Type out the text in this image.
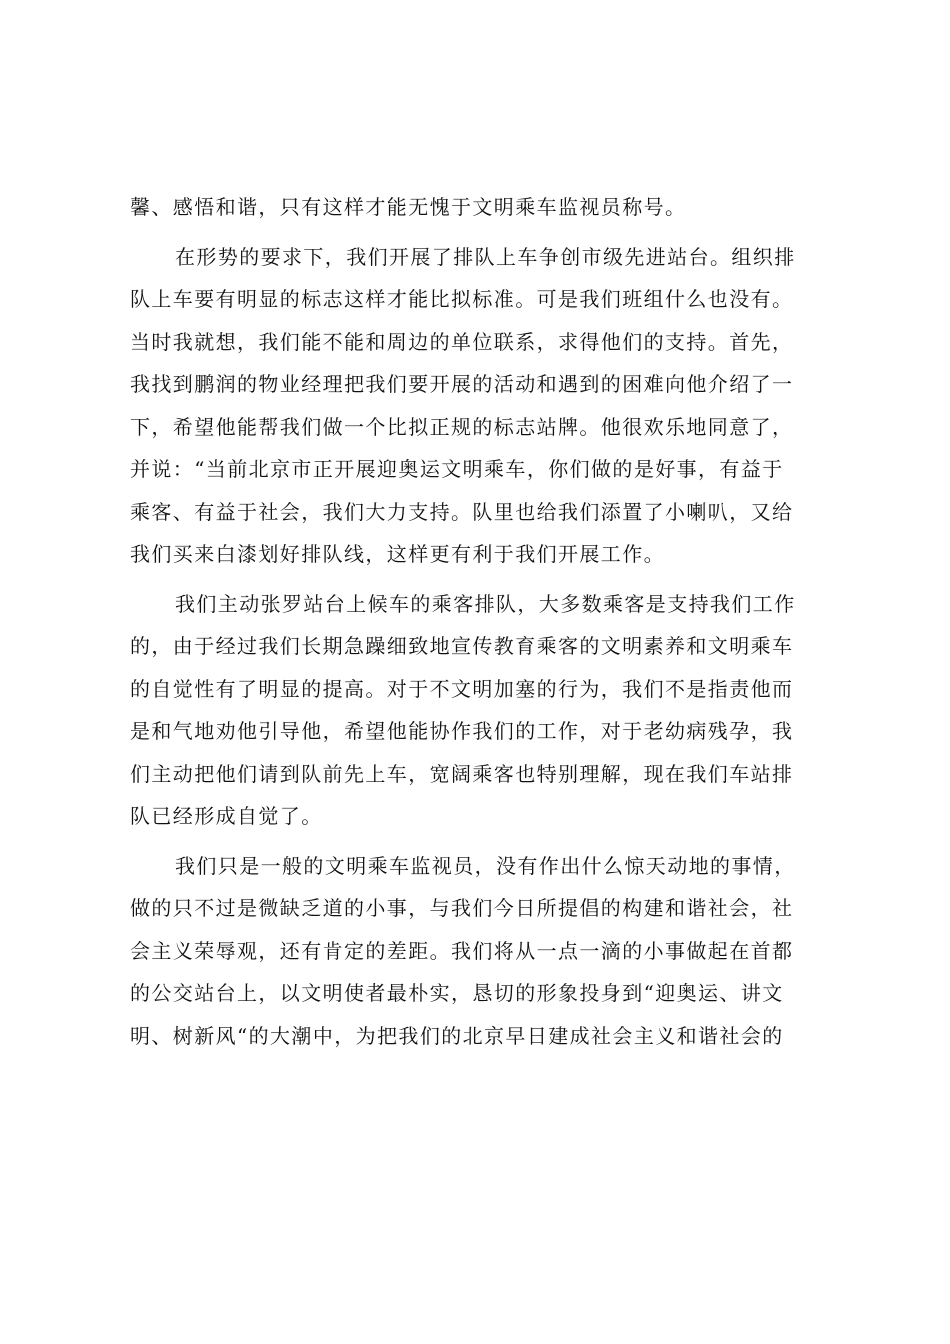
馨、感悟和谐，只有这样才能无愧于文明乘车监视员称号。
在形势的要求下，我们开展了排队上车争创市级先进站台。组织排
队上车要有明显的标志这样才能比拟标准。可是我们班组什么也没有。
当时我就想，我们能不能和周边的单位联系，求得他们的支持。首先，
我找到鹏润的物业经理把我们要开展的活动和遇到的困难向他介绍了一
下，希望他能帮我们做一个比拟正规的标志站牌。他很欢乐地同意了，
并说：“当前北京市正开展迎奥运文明乘车，你们做的是好事，有益于
乘客、有益于社会，我们大力支持。队里也给我们添置了小喇叭，又给
我们买来白漆划好排队线，这样更有利于我们开展工作。
我们主动张罗站台上候车的乘客排队，大多数乘客是支持我们工作
的，由于经过我们长期急躁细致地宣传教育乘客的文明素养和文明乘车
的自觉性有了明显的提高。对于不文明加塞的行为，我们不是指责他而
是和气地劝他引导他，希望他能协作我们的工作，对于老幼病残孕，我
们主动把他们请到队前先上车，宽阔乘客也特别理解，现在我们车站排
队已经形成自觉了。
我们只是一般的文明乘车监视员，没有作出什么惊天动地的事情，
做的只不过是微缺乏道的小事，与我们今日所提倡的构建和谐社会，社
会主义荣辱观，还有肯定的差距。我们将从一点一滴的小事做起在首都
的公交站台上，以文明使者最朴实，恳切的形象投身到“迎奥运、讲文
明、树新风“的大潮中，为把我们的北京早日建成社会主义和谐社会的
